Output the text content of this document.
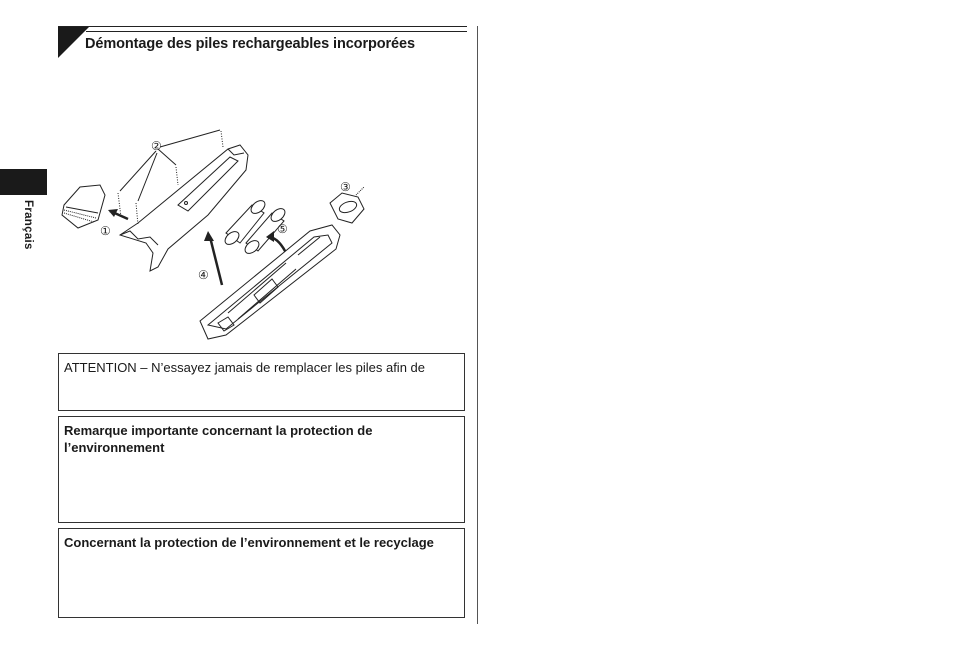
Démontage des piles rechargeables incorporées
Français	①
②
⑤
④
③
ATTENTION – N’essayez jamais de remplacer les piles afin de
Remarque importante concernant la protection de l’environnement
Concernant la protection de l’environnement et le recyclage
